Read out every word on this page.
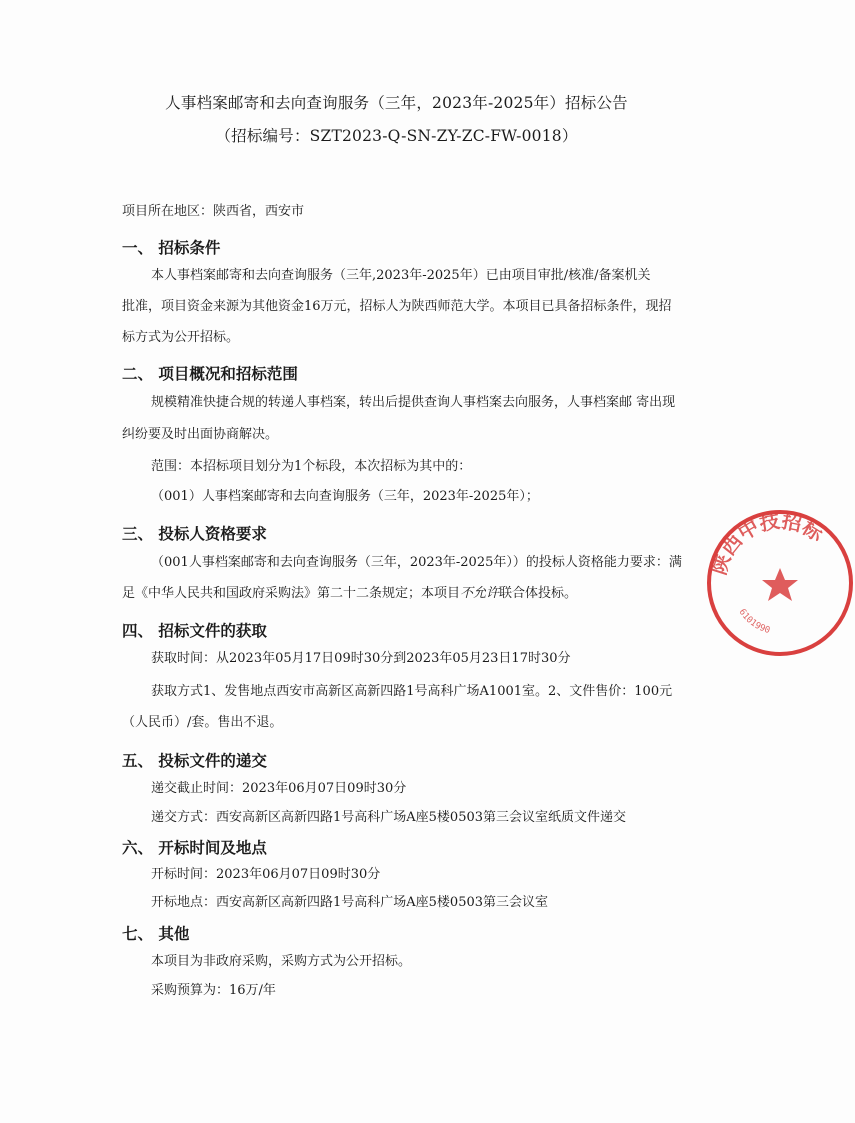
人事档案邮寄和去向查询服务（三年，2023年-2025年）招标公告
（招标编号：SZT2023-Q-SN-ZY-ZC-FW-0018）
项目所在地区：陕西省，西安市
一、 招标条件
本人事档案邮寄和去向查询服务（三年,2023年-2025年）已由项目审批/核准/备案机关
批准，项目资金来源为其他资金16万元，招标人为陕西师范大学。本项目已具备招标条件，现招
标方式为公开招标。
二、 项目概况和招标范围
规模精准快捷合规的转递人事档案，转出后提供查询人事档案去向服务，人事档案邮 寄出现
纠纷要及时出面协商解决。
范围：本招标项目划分为1个标段，本次招标为其中的：
（001）人事档案邮寄和去向查询服务（三年，2023年-2025年）；
三、 投标人资格要求
（001人事档案邮寄和去向查询服务（三年，2023年-2025年））的投标人资格能力要求：满
足《中华人民共和国政府采购法》第二十二条规定；本项目不允许联合体投标。
四、 招标文件的获取
获取时间：从2023年05月17日09时30分到2023年05月23日17时30分
获取方式1、发售地点西安市高新区高新四路1号高科广场A1001室。2、文件售价：100元
（人民币）/套。售出不退。
五、 投标文件的递交
递交截止时间：2023年06月07日09时30分
递交方式：西安高新区高新四路1号高科广场A座5楼0503第三会议室纸质文件递交
六、 开标时间及地点
开标时间：2023年06月07日09时30分
开标地点：西安高新区高新四路1号高科广场A座5楼0503第三会议室
七、 其他
本项目为非政府采购，采购方式为公开招标。
采购预算为：16万/年
陕西中技招标
6101990
